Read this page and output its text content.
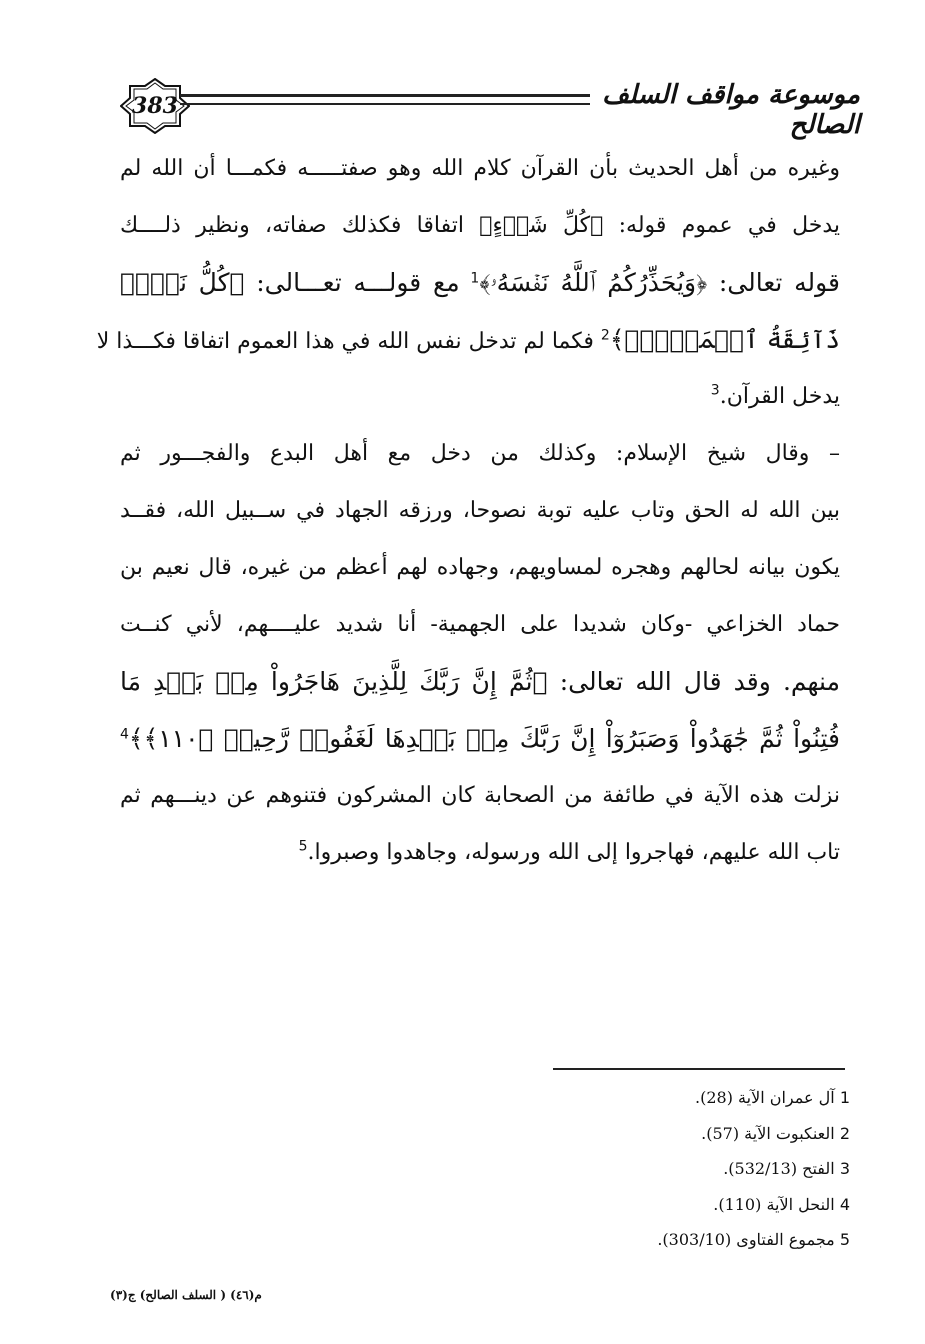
383	موسوعة مواقف السلف الصالح
وغيره من أهل الحديث بأن القرآن كلام الله وهو صفتـــــه فكمـــا أن الله لم
يدخل في عموم قوله: ﴿كُلِّ شَيۡءٍ﴾ اتفاقا فكذلك صفاته، ونظير ذلــــك
قوله تعالى: ﴿وَيُحَذِّرُكُمُ ٱللَّهُ نَفۡسَهُۥ﴾$^1$ مع قولـــه تعـــالى: ﴿كُلُّ نَفۡسٖ
ذَآئِقَةُ ٱلۡمَوۡتِۗ﴾$^2$ فكما لم تدخل نفس الله في هذا العموم اتفاقا فكـــذا لا
يدخل القرآن.$^3$
– وقال شيخ الإسلام: وكذلك من دخل مع أهل البدع والفجـــور ثم
بين الله له الحق وتاب عليه توبة نصوحا، ورزقه الجهاد في ســبيل الله، فقــد
يكون بيانه لحالهم وهجره لمساويهم، وجهاده لهم أعظم من غيره، قال نعيم بن
حماد الخزاعي -وكان شديدا على الجهمية- أنا شديد عليــــهم، لأني كنــت
منهم. وقد قال الله تعالى: ﴿ثُمَّ إِنَّ رَبَّكَ لِلَّذِينَ هَاجَرُواْ مِنۢ بَعۡدِ مَا
فُتِنُواْ ثُمَّ جَٰهَدُواْ وَصَبَرُوٓاْ إِنَّ رَبَّكَ مِنۢ بَعۡدِهَا لَغَفُورٞ رَّحِيمٞ ﴿١١٠﴾﴾$^4$
نزلت هذه الآية في طائفة من الصحابة كان المشركون فتنوهم عن دينـــهم ثم
تاب الله عليهم، فهاجروا إلى الله ورسوله، وجاهدوا وصبروا.$^5$
1 آل عمران الآية (28).
2 العنكبوت الآية (57).
3 الفتح (532/13).
4 النحل الآية (110).
5 مجموع الفتاوى (303/10).
م(٤٦) ( السلف الصالح) ج(٣)
